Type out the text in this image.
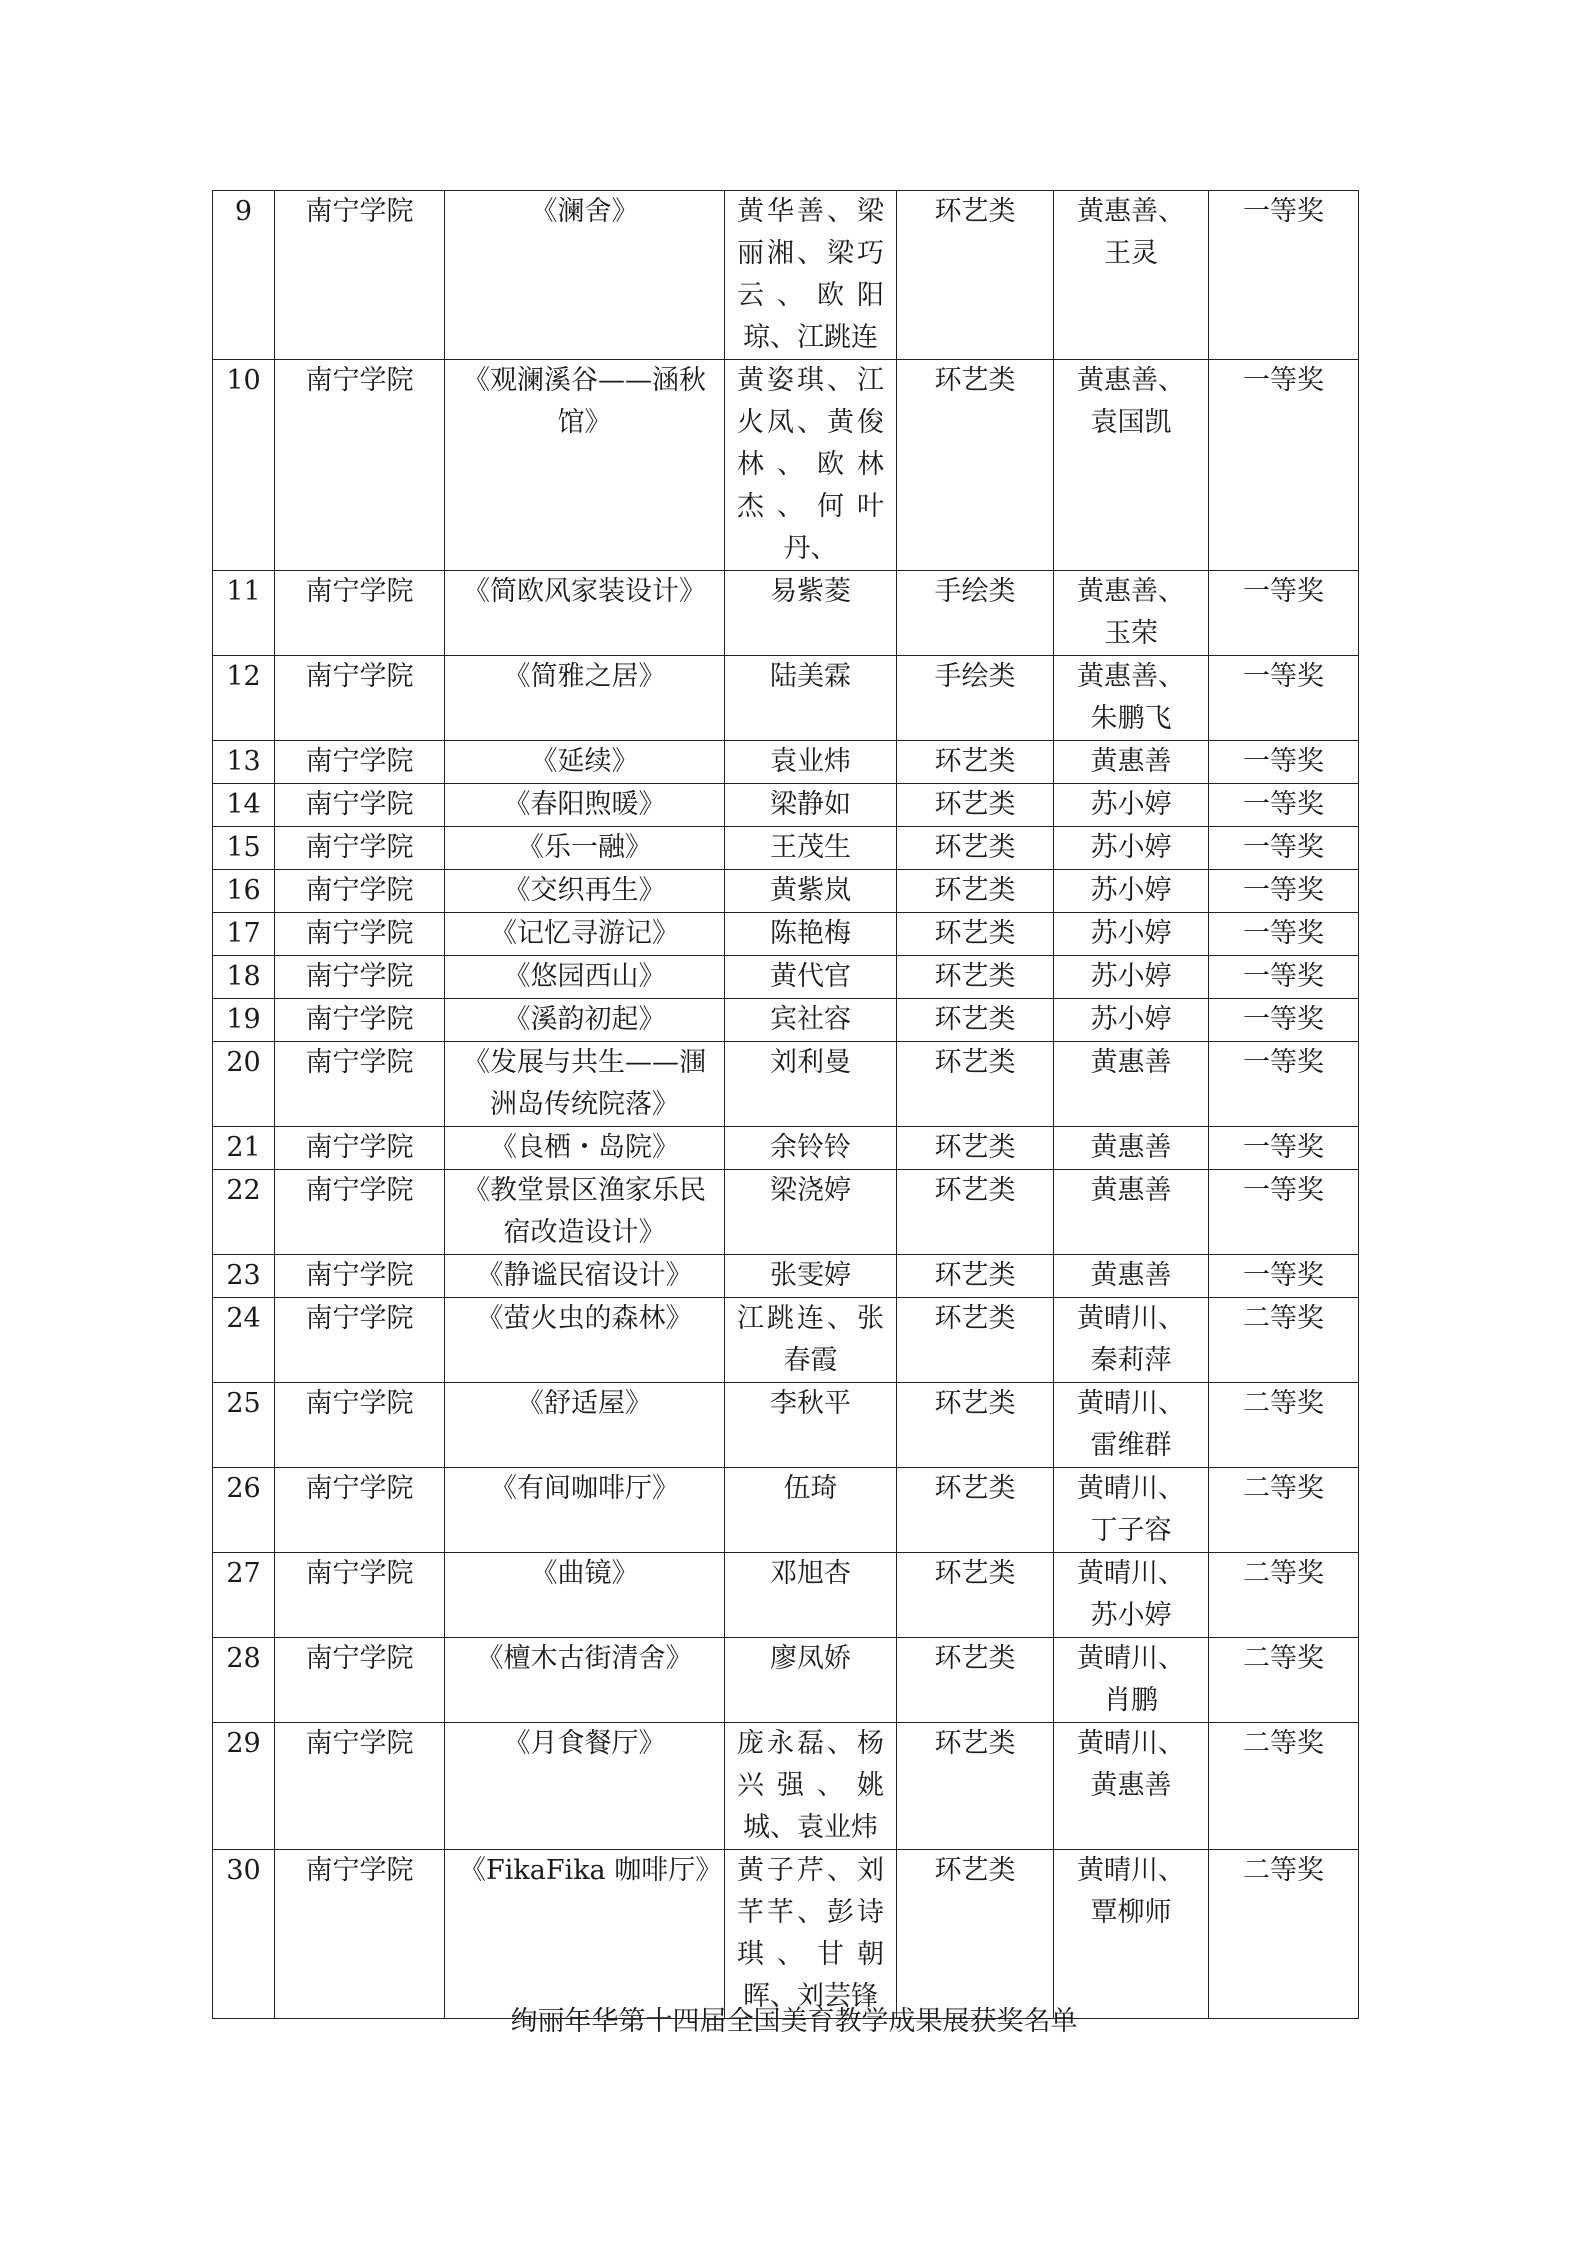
9	南宁学院	《澜舍》	黄华善、梁丽湘、梁巧云、欧阳琼、江跳连	环艺类	黄惠善、王灵	一等奖
10	南宁学院	《观澜溪谷——涵秋馆》	黄姿琪、江火凤、黄俊林、欧林杰、何叶丹、	环艺类	黄惠善、袁国凯	一等奖
11	南宁学院	《简欧风家装设计》	易紫菱	手绘类	黄惠善、玉荣	一等奖
12	南宁学院	《简雅之居》	陆美霖	手绘类	黄惠善、朱鹏飞	一等奖
13	南宁学院	《延续》	袁业炜	环艺类	黄惠善	一等奖
14	南宁学院	《春阳煦暖》	梁静如	环艺类	苏小婷	一等奖
15	南宁学院	《乐一融》	王茂生	环艺类	苏小婷	一等奖
16	南宁学院	《交织再生》	黄紫岚	环艺类	苏小婷	一等奖
17	南宁学院	《记忆寻游记》	陈艳梅	环艺类	苏小婷	一等奖
18	南宁学院	《悠园西山》	黄代官	环艺类	苏小婷	一等奖
19	南宁学院	《溪韵初起》	宾社容	环艺类	苏小婷	一等奖
20	南宁学院	《发展与共生——涠洲岛传统院落》	刘利曼	环艺类	黄惠善	一等奖
21	南宁学院	《良栖・岛院》	余铃铃	环艺类	黄惠善	一等奖
22	南宁学院	《教堂景区渔家乐民宿改造设计》	梁浇婷	环艺类	黄惠善	一等奖
23	南宁学院	《静谧民宿设计》	张雯婷	环艺类	黄惠善	一等奖
24	南宁学院	《萤火虫的森林》	江跳连、张春霞	环艺类	黄晴川、秦莉萍	二等奖
25	南宁学院	《舒适屋》	李秋平	环艺类	黄晴川、雷维群	二等奖
26	南宁学院	《有间咖啡厅》	伍琦	环艺类	黄晴川、丁子容	二等奖
27	南宁学院	《曲镜》	邓旭杏	环艺类	黄晴川、苏小婷	二等奖
28	南宁学院	《檀木古街清舍》	廖凤娇	环艺类	黄晴川、肖鹏	二等奖
29	南宁学院	《月食餐厅》	庞永磊、杨兴强、姚城、袁业炜	环艺类	黄晴川、黄惠善	二等奖
30	南宁学院	《FikaFika 咖啡厅》	黄子芹、刘芊芊、彭诗琪、甘朝晖、刘芸锋	环艺类	黄晴川、覃柳师	二等奖
绚丽年华第十四届全国美育教学成果展获奖名单
